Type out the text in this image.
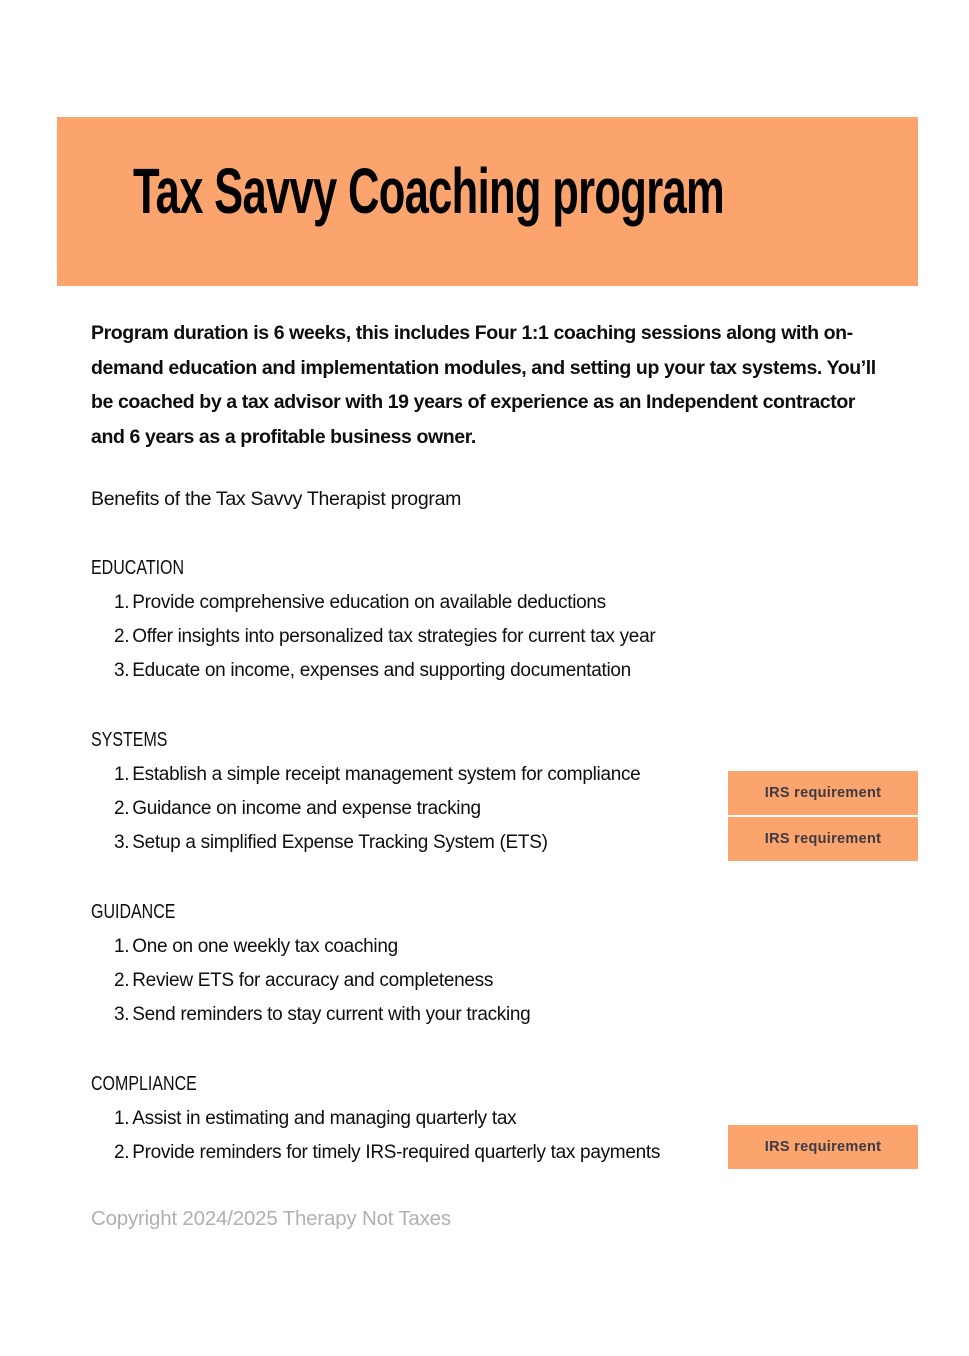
Tax Savvy Coaching program

Program duration is 6 weeks, this includes Four 1:1 coaching sessions along with on-demand education and implementation modules, and setting up your tax systems. You’ll be coached by a tax advisor with 19 years of experience as an Independent contractor and 6 years as a profitable business owner.

Benefits of the Tax Savvy Therapist program

EDUCATION
1. Provide comprehensive education on available deductions
2. Offer insights into personalized tax strategies for current tax year
3. Educate on income, expenses and supporting documentation
SYSTEMS
1. Establish a simple receipt management system for compliance
2. Guidance on income and expense tracking
3. Setup a simplified Expense Tracking System (ETS)
GUIDANCE
1. One on one weekly tax coaching
2. Review ETS for accuracy and completeness
3. Send reminders to stay current with your tracking
COMPLIANCE
1. Assist in estimating and managing quarterly tax
2. Provide reminders for timely IRS-required quarterly tax payments

Copyright 2024/2025 Therapy Not Taxes

IRS requirement
IRS requirement
IRS requirement
